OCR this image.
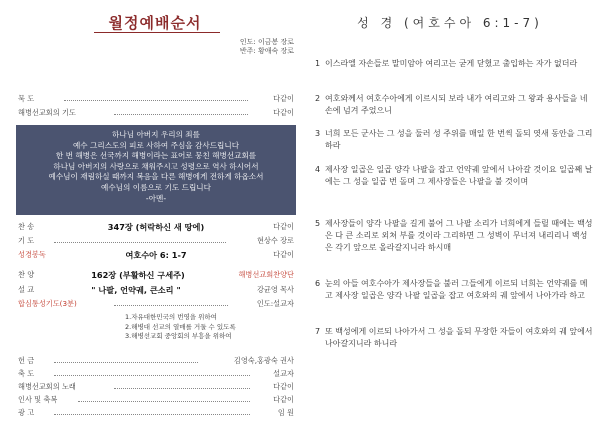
월정예배순서
인도: 이금봉 장로
반주: 황애숙 장로
묵 도	다같이
해병선교회의 기도	다같이
하나님 아버지 우리의 죄를
예수 그리스도의 피로 사하여 주심을 감사드립니다
한 번 해병은 선국까지 해병이라는 표어로 뭉친 해병선교회를
하나님 아버지의 사랑으로 채워주시고 성령으로 역사 하시어서
예수님이 재림하실 때까지 복음을 다른 해병에게 전하게 하옵소서
예수님의 이름으로 기도 드립니다
-아멘-
찬 송	347장 (허락하신 새 땅에)	다같이
기 도	현상수 장로
성경봉독	여호수아 6: 1-7	다같이
찬 양	162장 (부활하신 구세주)	해병선교회찬양단
설 교	" 나팔, 언약궤, 큰소리 "	강균영 목사
합심통성기도(3분)	인도:설교자
1.자유대한민국의 번영을 위하여
2.해병대 선교의 열매를 거둘 수 있도록
3.해병선교회 중앙회의 부흥을 위하여
헌 금	김영숙,홍광숙 권사
축 도	설교자
해병선교회의 노래	다같이
인사 및 축복	다같이
광 고	임 원
성 경 (여호수아 6:1-7)
1 이스라엘 자손들로 말미암아 여리고는 굳게 닫혔고 출입하는 자가 없더라
2 여호와께서 여호수아에게 이르시되 보라 내가 여리고와 그 왕과 용사들을 네 손에 넘겨 주었으니
3 너희 모든 군사는 그 성을 둘러 성 주위를 매일 한 번씩 돌되 엿새 동안을 그리하라
4 제사장 일곱은 일곱 양각 나팔을 잡고 언약궤 앞에서 나아갈 것이요 일곱째 날에는 그 성을 일곱 번 돌며 그 제사장들은 나팔을 불 것이며
5 제사장들이 양각 나팔을 길게 불어 그 나팔 소리가 너희에게 들릴 때에는 백성은 다 큰 소리로 외쳐 부를 것이라 그리하면 그 성벽이 무너져 내리리니 백성은 각기 앞으로 올라갈지니라 하시매
6 눈의 아들 여호수아가 제사장들을 불러 그들에게 이르되 너희는 언약궤를 메고 제사장 일곱은 양각 나팔 일곱을 잡고 여호와의 궤 앞에서 나아가라 하고
7 또 백성에게 이르되 나아가서 그 성을 돌되 무장한 자들이 여호와의 궤 앞에서 나아갈지니라 하니라
